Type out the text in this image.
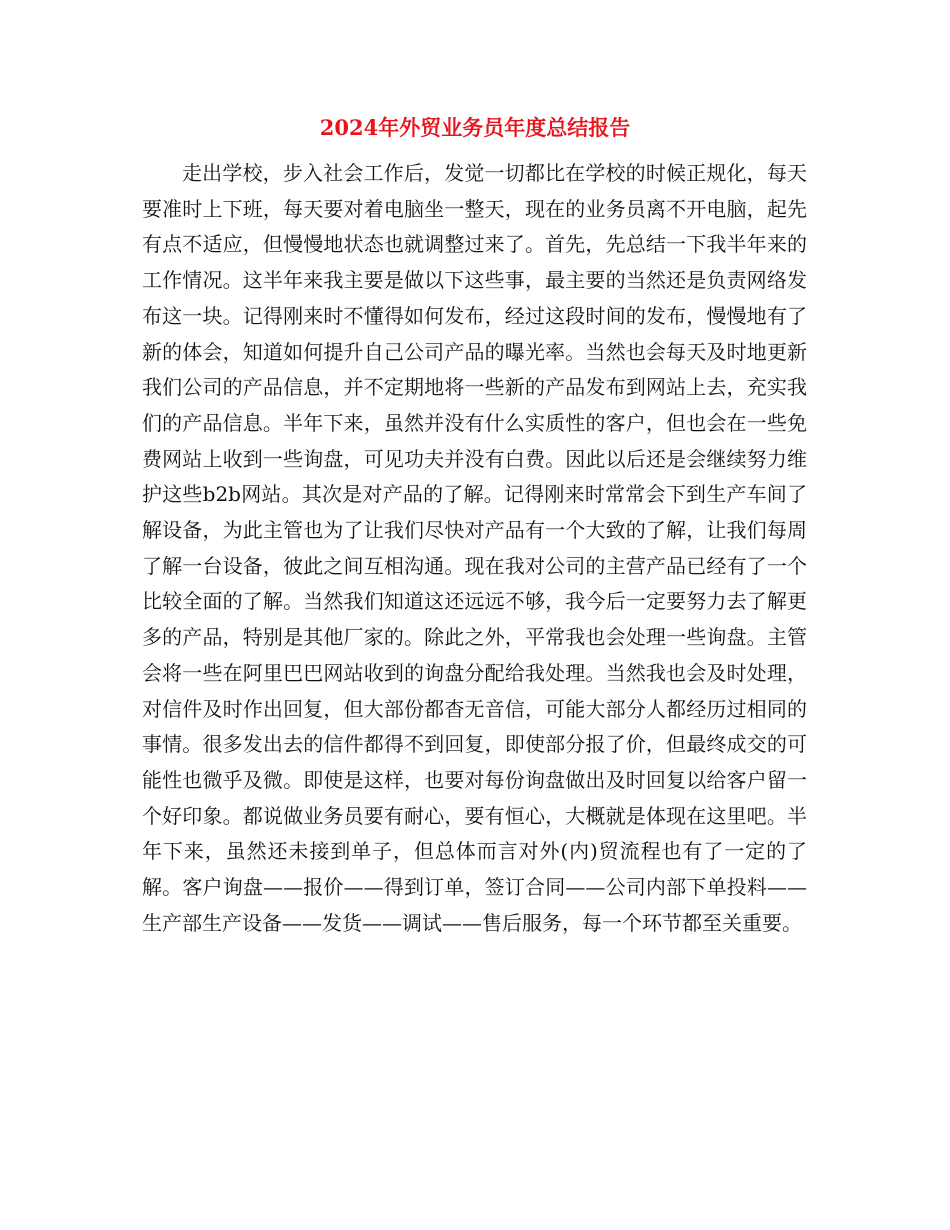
2024年外贸业务员年度总结报告

走出学校，步入社会工作后，发觉一切都比在学校的时候正规化，每天要准时上下班，每天要对着电脑坐一整天，现在的业务员离不开电脑，起先有点不适应，但慢慢地状态也就调整过来了。首先，先总结一下我半年来的工作情况。这半年来我主要是做以下这些事，最主要的当然还是负责网络发布这一块。记得刚来时不懂得如何发布，经过这段时间的发布，慢慢地有了新的体会，知道如何提升自己公司产品的曝光率。当然也会每天及时地更新我们公司的产品信息，并不定期地将一些新的产品发布到网站上去，充实我们的产品信息。半年下来，虽然并没有什么实质性的客户，但也会在一些免费网站上收到一些询盘，可见功夫并没有白费。因此以后还是会继续努力维护这些b2b网站。其次是对产品的了解。记得刚来时常常会下到生产车间了解设备，为此主管也为了让我们尽快对产品有一个大致的了解，让我们每周了解一台设备，彼此之间互相沟通。现在我对公司的主营产品已经有了一个比较全面的了解。当然我们知道这还远远不够，我今后一定要努力去了解更多的产品，特别是其他厂家的。除此之外，平常我也会处理一些询盘。主管会将一些在阿里巴巴网站收到的询盘分配给我处理。当然我也会及时处理，对信件及时作出回复，但大部份都杳无音信，可能大部分人都经历过相同的事情。很多发出去的信件都得不到回复，即使部分报了价，但最终成交的可能性也微乎及微。即使是这样，也要对每份询盘做出及时回复以给客户留一个好印象。都说做业务员要有耐心，要有恒心，大概就是体现在这里吧。半年下来，虽然还未接到单子，但总体而言对外(内)贸流程也有了一定的了解。客户询盘——报价——得到订单，签订合同——公司内部下单投料——生产部生产设备——发货——调试——售后服务，每一个环节都至关重要。
